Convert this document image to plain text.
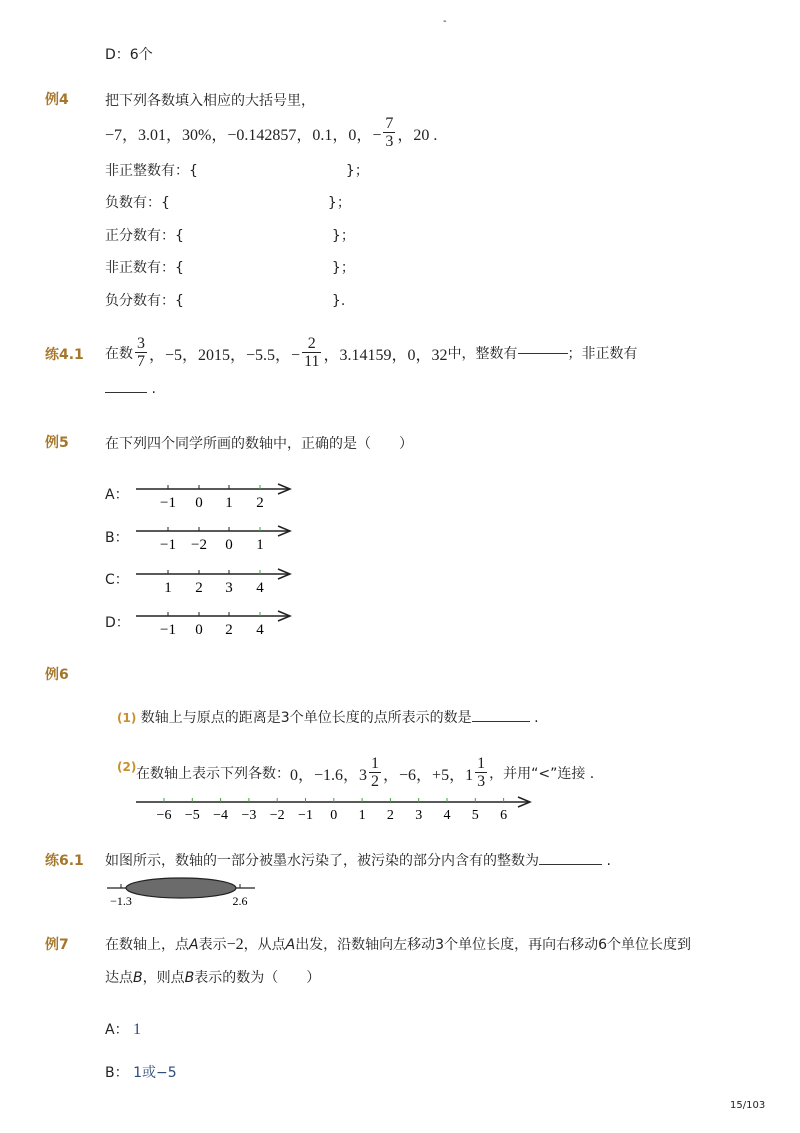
-
D：6个
例4	把下列各数填入相应的大括号里，
−7，3.01，30%，−0.142857，0.1，0，− $\frac{7}{3}$ ，20 .
非正整数有：{	}；
负数有：{	}；
正分数有：{	}；
非正数有：{	}；
负分数有：{	}.
练4.1 在数 $\frac{3}{7}$ ，−5，2015，−5.5，− $\frac{2}{11}$ ，3.14159，0，32 中，整数有	；非正数有
.
例5	在下列四个同学所画的数轴中，正确的是（　　）
A： −1 0 1 2
B： −1 −2 0 1
C： 1 2 3 4
D： −1 0 2 4
例6
(1) 数轴上与原点的距离是3个单位长度的点所表示的数是	.
(2) 在数轴上表示下列各数： 0，−1.6，$3 \frac{1}{2}$ ，−6，+5，$1 \frac{1}{3}$ ，并用“<”连接 .
−6 −5 −4 −3 −2 −1 0 1 2 3 4 5 6
练6.1 如图所示，数轴的一部分被墨水污染了，被污染的部分内含有的整数为	.
−1.3	2.6
例7	在数轴上，点A表示−2，从点A出发，沿数轴向左移动3个单位长度，再向右移动6个单位长度到
达点B，则点B表示的数为（　　）
A： 1
B： 1或−5
15/103
